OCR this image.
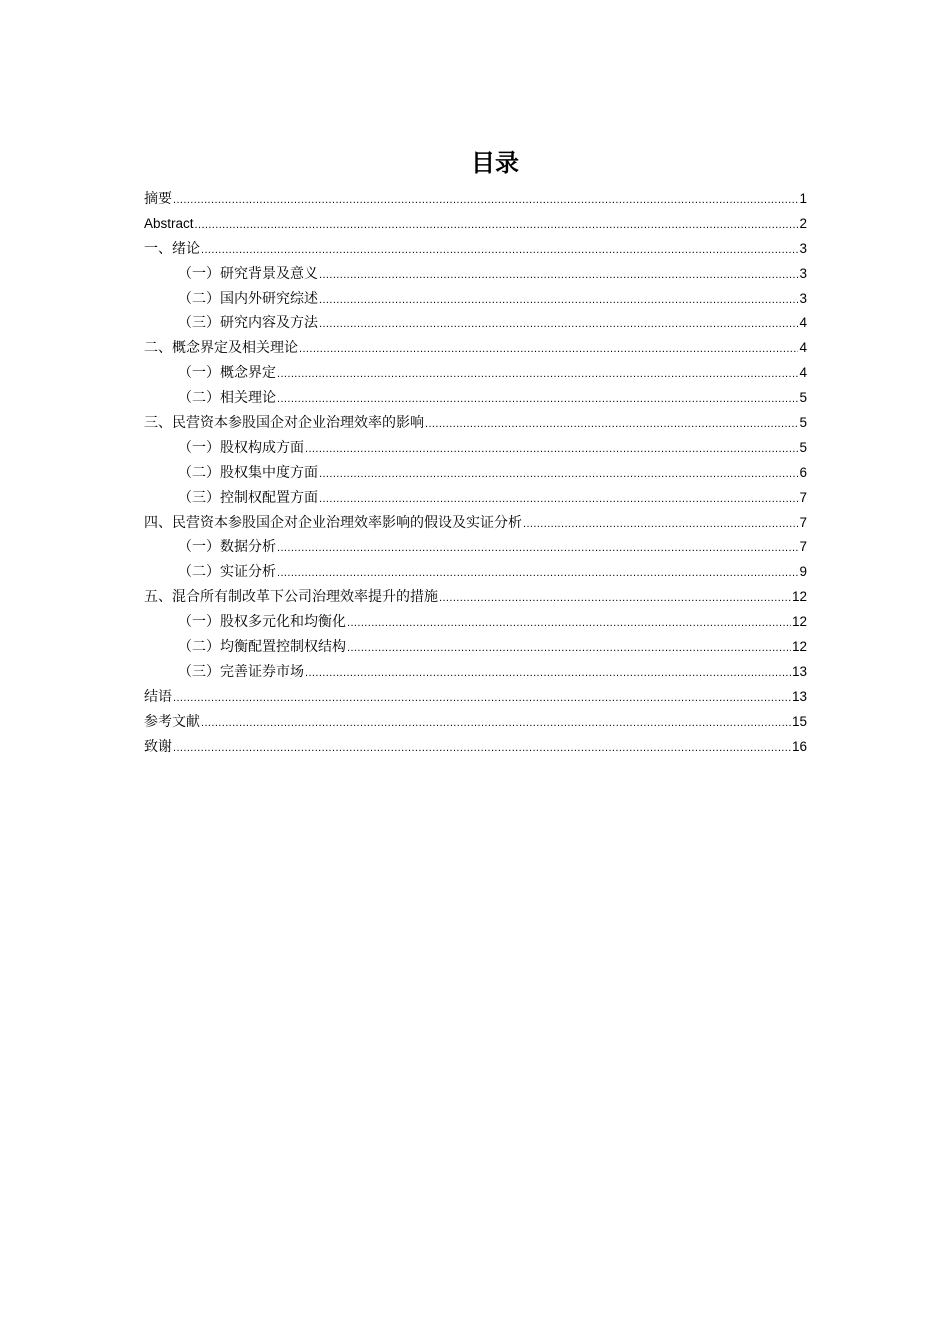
目录
摘要 .....	1
Abstract .....	2
一、绪论 .....	3
（一）研究背景及意义 .....	3
（二）国内外研究综述 .....	3
（三）研究内容及方法 .....	4
二、概念界定及相关理论 .....	4
（一）概念界定 .....	4
（二）相关理论 .....	5
三、民营资本参股国企对企业治理效率的影响 .....	5
（一）股权构成方面 .....	5
（二）股权集中度方面 .....	6
（三）控制权配置方面 .....	7
四、民营资本参股国企对企业治理效率影响的假设及实证分析 .....	7
（一）数据分析 .....	7
（二）实证分析 .....	9
五、混合所有制改革下公司治理效率提升的措施 .....	12
（一）股权多元化和均衡化 .....	12
（二）均衡配置控制权结构 .....	12
（三）完善证券市场 .....	13
结语 .....	13
参考文献 .....	15
致谢 .....	16
